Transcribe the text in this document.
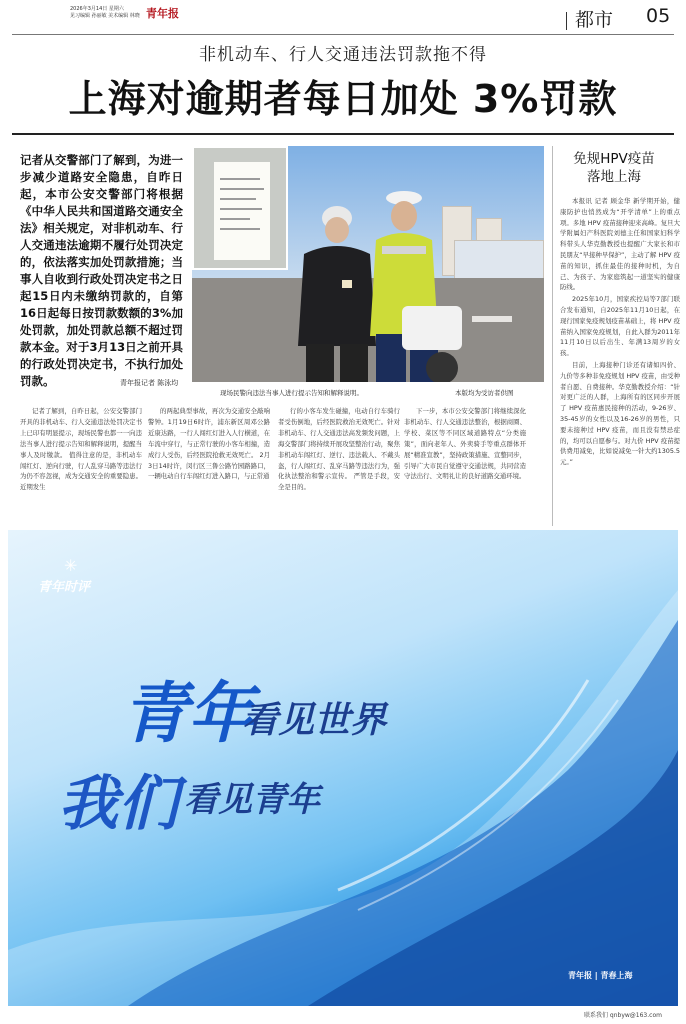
2026年3月14日 星期六
见习编辑 孙丽敏 美术编辑 林晓 青年报	都市 05
非机动车、行人交通违法罚款拖不得
上海对逾期者每日加处 3%罚款
记者从交警部门了解到，为进一步减少道路安全隐患，自昨日起，本市公安交警部门将根据《中华人民共和国道路交通安全法》相关规定，对非机动车、行人交通违法逾期不履行处罚决定的，依法落实加处罚款措施；当事人自收到行政处罚决定书之日起15日内未缴纳罚款的，自第16日起每日按罚款数额的3%加处罚款，加处罚款总额不超过罚款本金。对于3月13日之前开具的行政处罚决定书，不执行加处罚款。	青年报记者 陈泳均
现场民警向违法当事人进行提示告知和解释说明。	本版均为受访者供图
免规HPV疫苗
落地上海

本报讯 记者 顾金华 新学期开始，健康防护也悄然成为“开学清单”上的重点项。多地 HPV 疫苗接种迎来高峰。复旦大学附属妇产科医院刘德主任和国家妇科学科带头人华克勤教授也提醒广大家长和市民朋友“早接种早保护”，主动了解 HPV 疫苗的知识，抓住最佳的接种时机，为自己、为孩子、为家庭筑起一道坚实的健康防线。

2025年10月，国家疾控局等7部门联合发布通知，自2025年11月10日起，在现行国家免疫规划疫苗基础上，将 HPV 疫苗纳入国家免疫规划，自此入群为2011年11月10日以后出生、年满13周岁的女孩。

目前，上海接种门诊还有诸如四价、九价等多种非免疫规划 HPV 疫苗，由受种者自愿、自费接种。华克勤教授介绍：“针对更广泛的人群，上海所有的区同步开展了 HPV 疫苗惠民接种的活动，9-26岁、35-45岁的女性以及16-26岁的男性，只要未接种过 HPV 疫苗，而且没有禁忌症的，均可以自愿参与。对九价 HPV 疫苗提供费用减免，比如说减免一针大约1305.5元。”

记者了解到，自昨日起，公安交警部门开具的非机动车、行人交通违法处罚决定书上已印有明显提示，现场民警也都一一向违法当事人进行提示告知和解释说明，提醒当事人及时缴款。 值得注意的是，非机动车闯红灯、逆向行驶，行人乱穿马路等违法行为仍不容忽视，成为交通安全的重要隐患。近期发生

的两起典型事故，再次为交通安全敲响警钟。1月19日6时许，浦东新区周邓公路近康达路，一行人闯红灯进入人行横道，在车流中穿行，与正常行驶的小客车相撞，造成行人受伤，后经医院抢救无效死亡。 2月3日14时许，闵行区三鲁公路竹园路路口，一辆电动自行车闯红灯进入路口，与正常通

行的小客车发生碰撞，电动自行车骑行者受伤倒地，后经医院救治无效死亡。针对非机动车、行人交通违法高发频发问题，上海交警部门将持续开展攻坚整治行动，聚焦非机动车闯红灯、逆行、违法载人、不戴头盔，行人闯红灯、乱穿马路等违法行为，强化执法整治和警示宣传。 严管是手段，安全是目的。

下一步，本市公安交警部门将继续深化非机动车、行人交通违法整治，根据商圈、学校、菜区等不同区域道路特点“分类施策”，面向老年人、外卖骑手等重点群体开展“精准宣教”，坚持政策措施、宣整同步，引导广大市民自觉遵守交通法规，共同营造守法出行、文明礼让的良好道路交通环境。

✳
青年时评
青年
看见世界
我们 看见青年
青年报 | 青春上海
联系我们 qnbyw@163.com
